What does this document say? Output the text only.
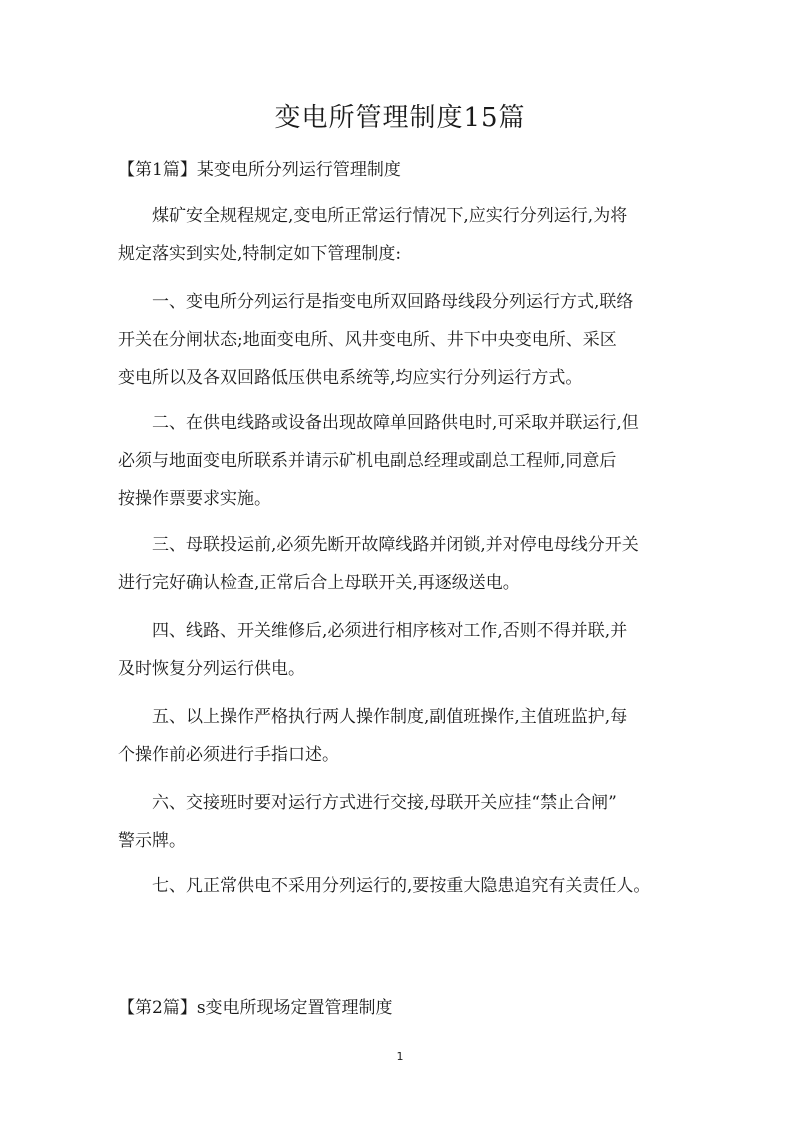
变电所管理制度15篇
【第1篇】某变电所分列运行管理制度

煤矿安全规程规定,变电所正常运行情况下,应实行分列运行,为将
规定落实到实处,特制定如下管理制度:

一、变电所分列运行是指变电所双回路母线段分列运行方式,联络
开关在分闸状态;地面变电所、风井变电所、井下中央变电所、采区
变电所以及各双回路低压供电系统等,均应实行分列运行方式。

二、在供电线路或设备出现故障单回路供电时,可采取并联运行,但
必须与地面变电所联系并请示矿机电副总经理或副总工程师,同意后
按操作票要求实施。

三、母联投运前,必须先断开故障线路并闭锁,并对停电母线分开关
进行完好确认检查,正常后合上母联开关,再逐级送电。

四、线路、开关维修后,必须进行相序核对工作,否则不得并联,并
及时恢复分列运行供电。

五、以上操作严格执行两人操作制度,副值班操作,主值班监护,每
个操作前必须进行手指口述。

六、交接班时要对运行方式进行交接,母联开关应挂“禁止合闸”
警示牌。

七、凡正常供电不采用分列运行的,要按重大隐患追究有关责任人。

【第2篇】s变电所现场定置管理制度
1
